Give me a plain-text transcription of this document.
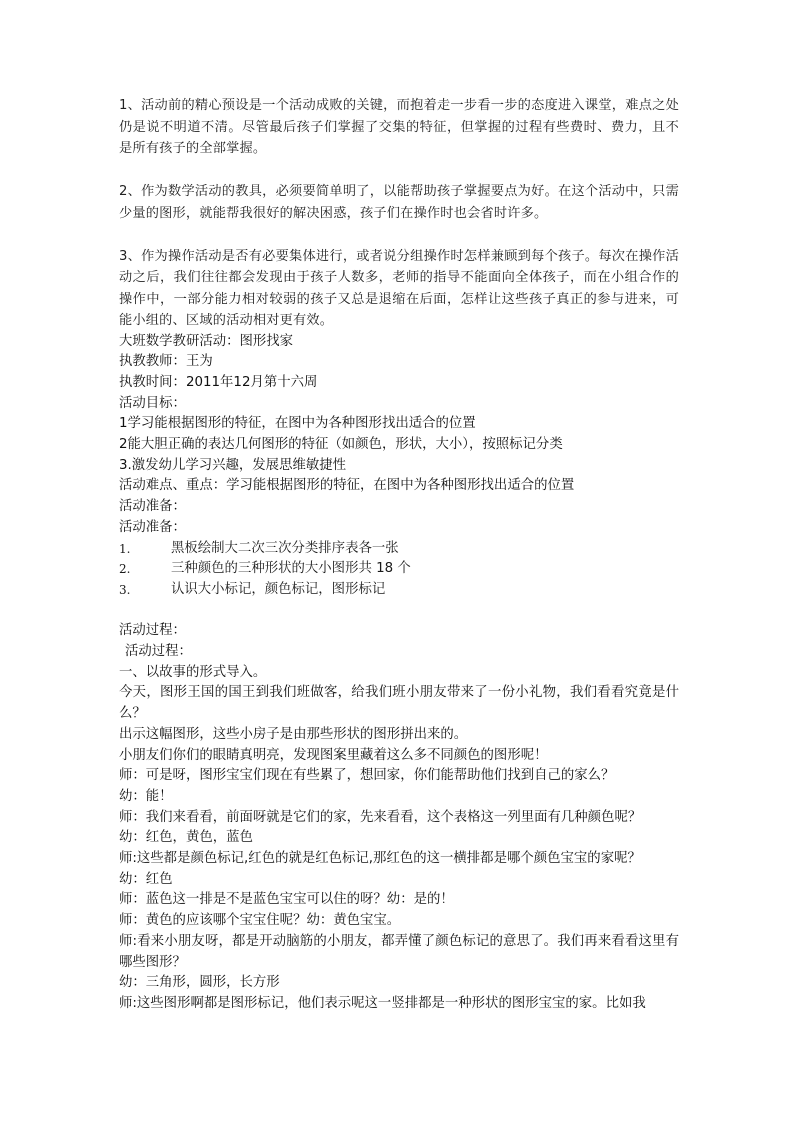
1、活动前的精心预设是一个活动成败的关键，而抱着走一步看一步的态度进入课堂，难点之处仍是说不明道不清。尽管最后孩子们掌握了交集的特征，但掌握的过程有些费时、费力，且不是所有孩子的全部掌握。

2、作为数学活动的教具，必须要简单明了，以能帮助孩子掌握要点为好。在这个活动中，只需少量的图形，就能帮我很好的解决困惑，孩子们在操作时也会省时许多。

3、作为操作活动是否有必要集体进行，或者说分组操作时怎样兼顾到每个孩子。每次在操作活动之后，我们往往都会发现由于孩子人数多，老师的指导不能面向全体孩子，而在小组合作的操作中，一部分能力相对较弱的孩子又总是退缩在后面，怎样让这些孩子真正的参与进来，可能小组的、区域的活动相对更有效。

大班数学教研活动：图形找家

执教教师：王为

执教时间：2011年12月第十六周

活动目标：

1学习能根据图形的特征，在图中为各种图形找出适合的位置

2能大胆正确的表达几何图形的特征（如颜色，形状，大小），按照标记分类

3.激发幼儿学习兴趣，发展思维敏捷性

活动难点、重点：学习能根据图形的特征，在图中为各种图形找出适合的位置

活动准备：

活动准备：

1.	黑板绘制大二次三次分类排序表各一张
2.	三种颜色的三种形状的大小图形共 18 个
3.	认识大小标记，颜色标记，图形标记

活动过程：

活动过程：

一、以故事的形式导入。

今天，图形王国的国王到我们班做客，给我们班小朋友带来了一份小礼物，我们看看究竟是什么？

出示这幅图形，这些小房子是由那些形状的图形拼出来的。

小朋友们你们的眼睛真明亮，发现图案里藏着这么多不同颜色的图形呢！

师：可是呀，图形宝宝们现在有些累了，想回家，你们能帮助他们找到自己的家么？

幼：能！

师：我们来看看，前面呀就是它们的家，先来看看，这个表格这一列里面有几种颜色呢？

幼：红色，黄色，蓝色

师:这些都是颜色标记,红色的就是红色标记,那红色的这一横排都是哪个颜色宝宝的家呢？

幼：红色

师：蓝色这一排是不是蓝色宝宝可以住的呀？幼：是的！

师：黄色的应该哪个宝宝住呢？幼：黄色宝宝。

师:看来小朋友呀，都是开动脑筋的小朋友，都弄懂了颜色标记的意思了。我们再来看看这里有哪些图形？

幼：三角形，圆形，长方形

师:这些图形啊都是图形标记，他们表示呢这一竖排都是一种形状的图形宝宝的家。比如我
